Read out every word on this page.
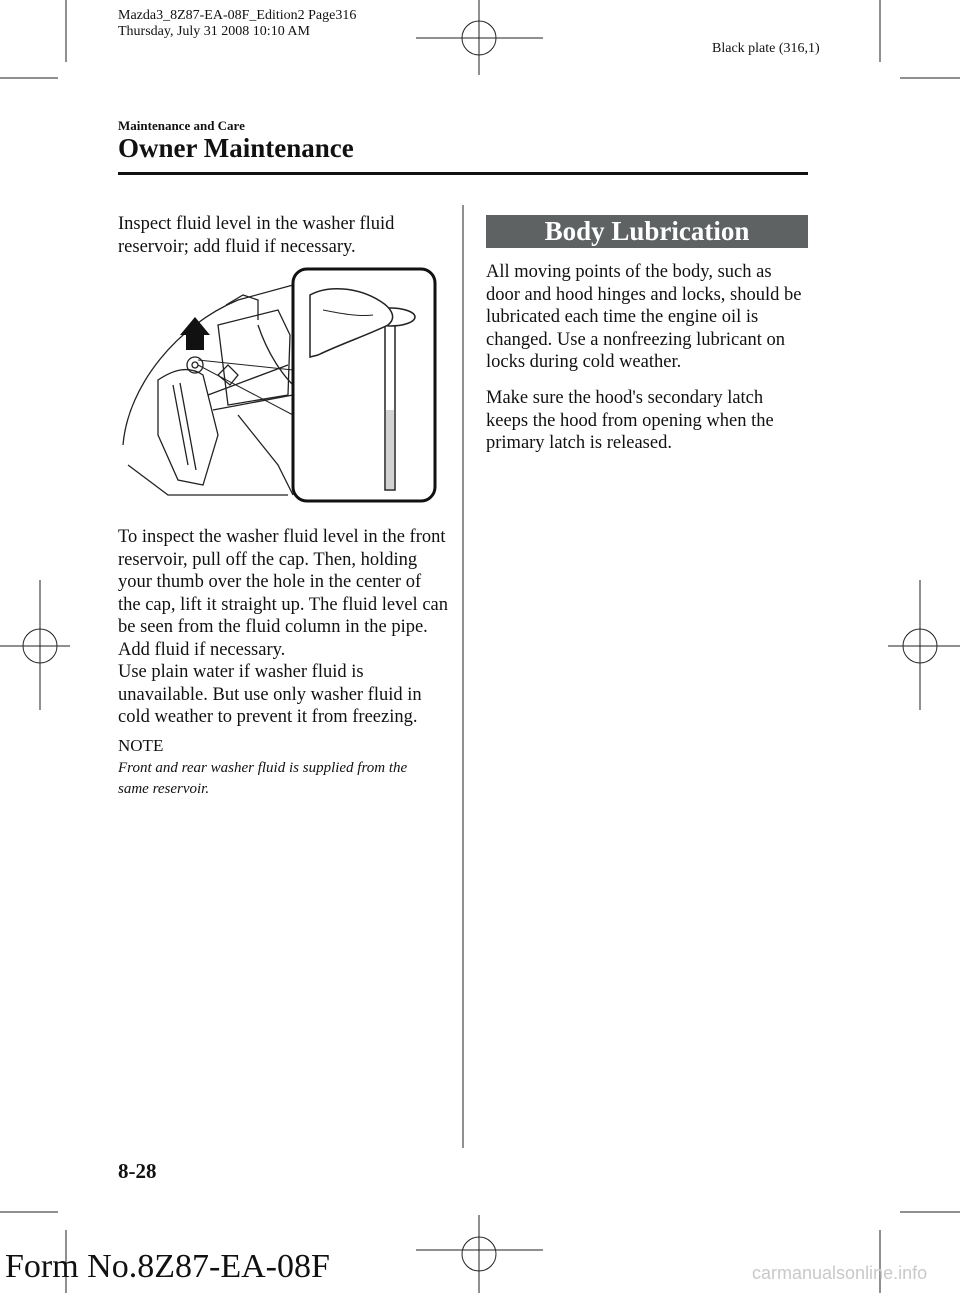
Mazda3_8Z87-EA-08F_Edition2 Page316
Thursday, July 31 2008 10:10 AM
Black plate (316,1)
Maintenance and Care
Owner Maintenance
Inspect fluid level in the washer fluid reservoir; add fluid if necessary.
To inspect the washer fluid level in the front reservoir, pull off the cap. Then, holding your thumb over the hole in the center of the cap, lift it straight up. The fluid level can be seen from the fluid column in the pipe. Add fluid if necessary.
Use plain water if washer fluid is unavailable. But use only washer fluid in cold weather to prevent it from freezing.
NOTE
Front and rear washer fluid is supplied from the same reservoir.
Body Lubrication
All moving points of the body, such as door and hood hinges and locks, should be lubricated each time the engine oil is changed. Use a nonfreezing lubricant on locks during cold weather.
Make sure the hood's secondary latch keeps the hood from opening when the primary latch is released.
8-28
Form No.8Z87-EA-08F	carmanualsonline.info
